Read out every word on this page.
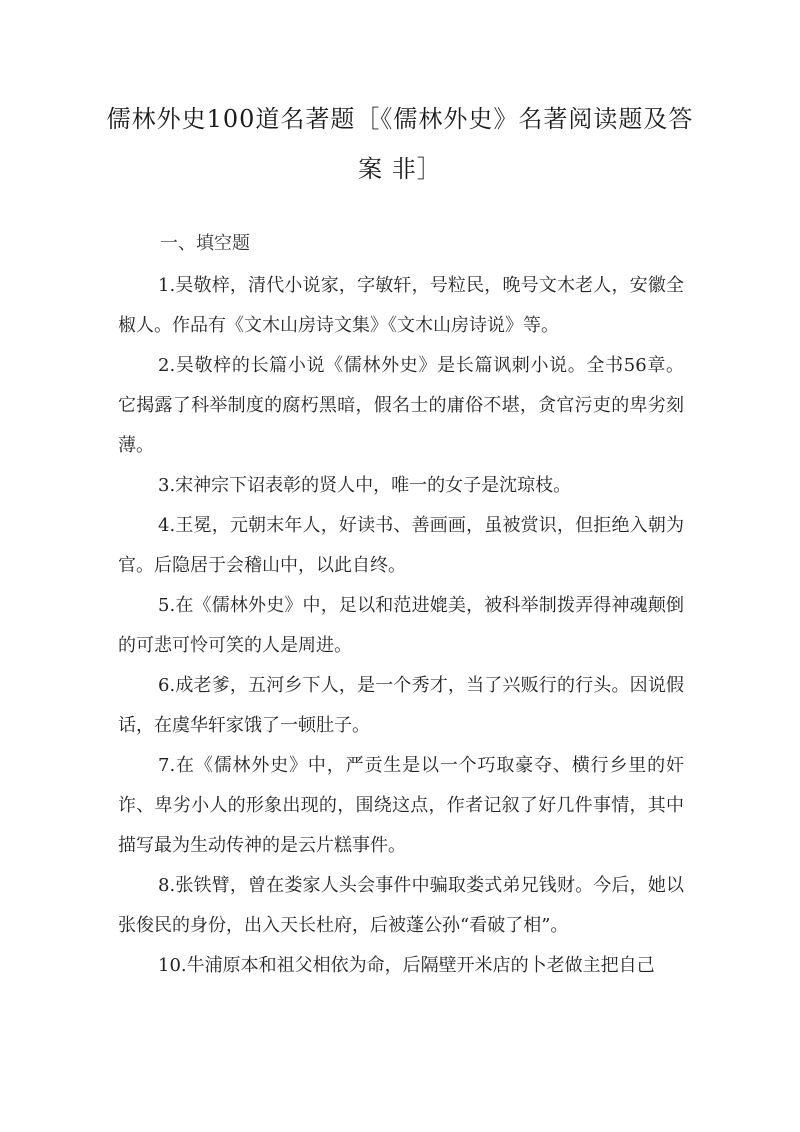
儒林外史100道名著题［《儒林外史》名著阅读题及答案 非］
一、填空题

1.吴敬梓，清代小说家，字敏轩，号粒民，晚号文木老人，安徽全椒人。作品有《文木山房诗文集》《文木山房诗说》等。

2.吴敬梓的长篇小说《儒林外史》是长篇讽刺小说。全书56章。它揭露了科举制度的腐朽黑暗，假名士的庸俗不堪，贪官污吏的卑劣刻薄。

3.宋神宗下诏表彰的贤人中，唯一的女子是沈琼枝。

4.王冕，元朝末年人，好读书、善画画，虽被赏识，但拒绝入朝为官。后隐居于会稽山中，以此自终。

5.在《儒林外史》中，足以和范进媲美，被科举制拨弄得神魂颠倒的可悲可怜可笑的人是周进。

6.成老爹，五河乡下人，是一个秀才，当了兴贩行的行头。因说假话，在虞华轩家饿了一顿肚子。

7.在《儒林外史》中，严贡生是以一个巧取豪夺、横行乡里的奸诈、卑劣小人的形象出现的，围绕这点，作者记叙了好几件事情，其中描写最为生动传神的是云片糕事件。

8.张铁臂，曾在娄家人头会事件中骗取娄式弟兄钱财。今后，她以张俊民的身份，出入天长杜府，后被蓬公孙“看破了相”。

10.牛浦原本和祖父相依为命，后隔壁开米店的卜老做主把自己
